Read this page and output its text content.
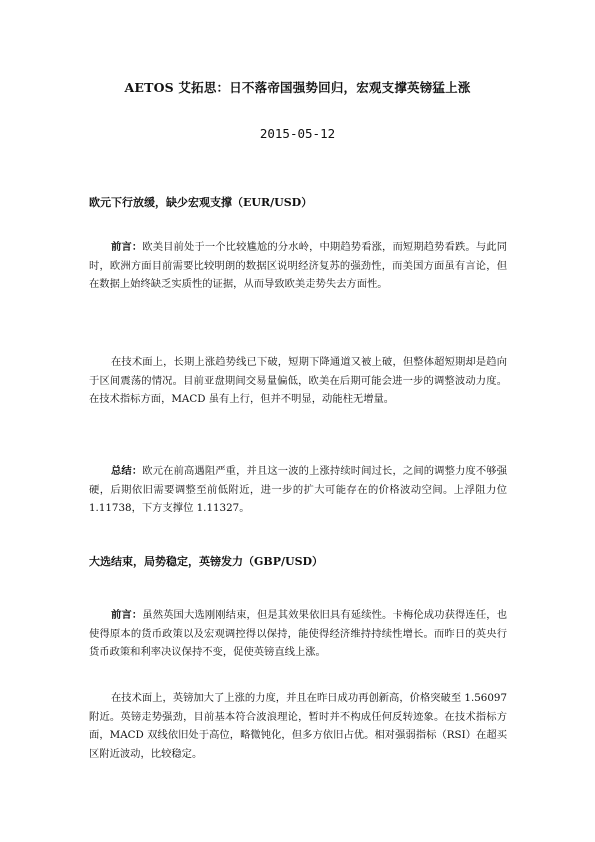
AETOS 艾拓思：日不落帝国强势回归，宏观支撑英镑猛上涨
2015-05-12
欧元下行放缓，缺少宏观支撑（EUR/USD）
前言：欧美目前处于一个比较尴尬的分水岭，中期趋势看涨，而短期趋势看跌。与此同时，欧洲方面目前需要比较明朗的数据区说明经济复苏的强劲性，而美国方面虽有言论，但在数据上始终缺乏实质性的证据，从而导致欧美走势失去方面性。
在技术面上，长期上涨趋势线已下破，短期下降通道又被上破，但整体超短期却是趋向于区间震荡的情况。目前亚盘期间交易量偏低，欧美在后期可能会进一步的调整波动力度。在技术指标方面，MACD 虽有上行，但并不明显，动能柱无增量。
总结：欧元在前高遇阻严重，并且这一波的上涨持续时间过长，之间的调整力度不够强硬，后期依旧需要调整至前低附近，进一步的扩大可能存在的价格波动空间。上浮阻力位 1.11738，下方支撑位 1.11327。
大选结束，局势稳定，英镑发力（GBP/USD）
前言：虽然英国大选刚刚结束，但是其效果依旧具有延续性。卡梅伦成功获得连任，也使得原本的货币政策以及宏观调控得以保持，能使得经济维持持续性增长。而昨日的英央行货币政策和利率决议保持不变，促使英镑直线上涨。
在技术面上，英镑加大了上涨的力度，并且在昨日成功再创新高，价格突破至 1.56097 附近。英镑走势强劲，目前基本符合波浪理论，暂时并不构成任何反转迹象。在技术指标方面，MACD 双线依旧处于高位，略微钝化，但多方依旧占优。相对强弱指标（RSI）在超买区附近波动，比较稳定。
